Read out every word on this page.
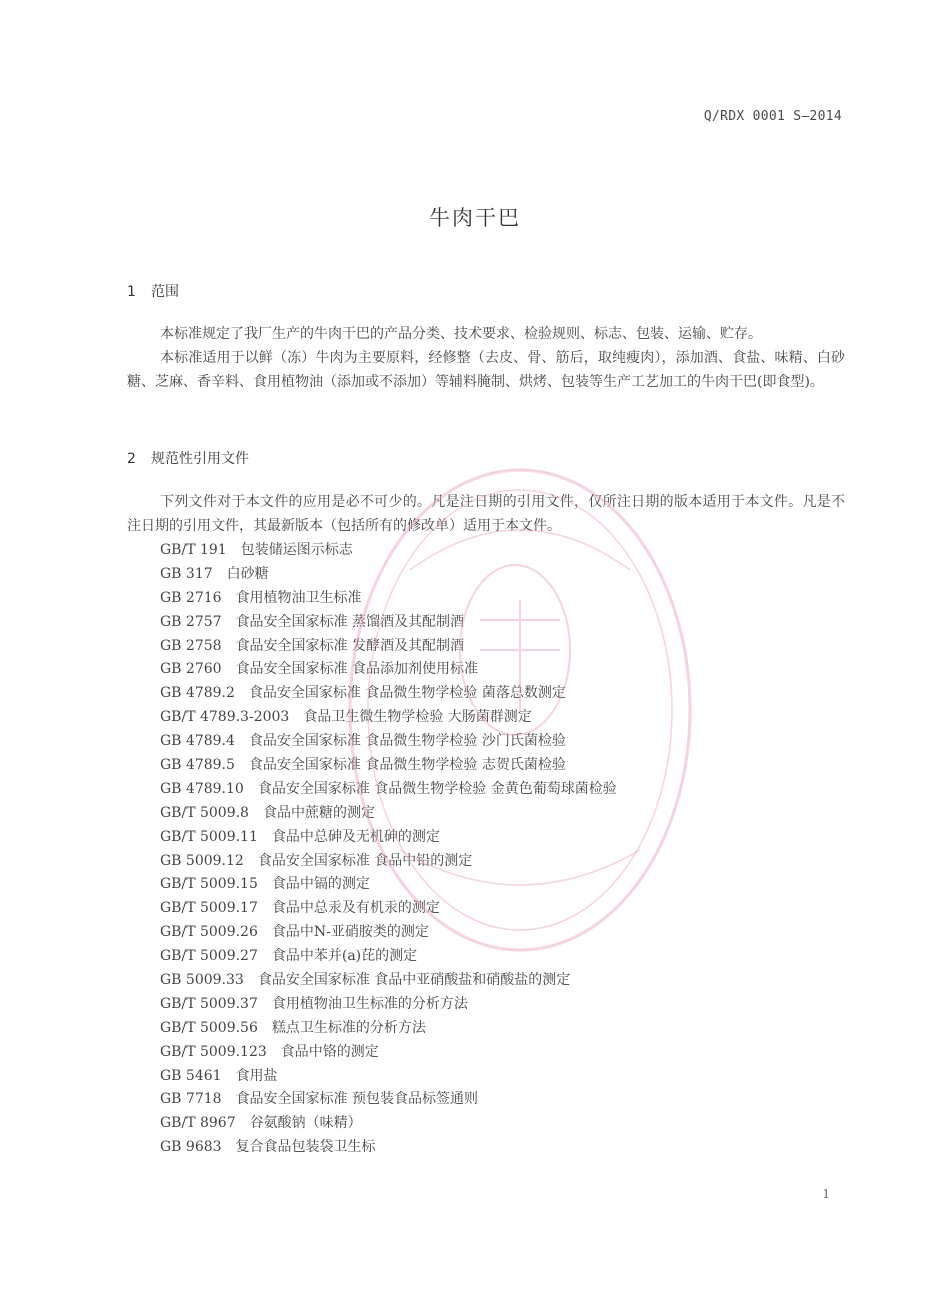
Q/RDX 0001 S—2014
牛肉干巴
1 范围

本标准规定了我厂生产的牛肉干巴的产品分类、技术要求、检验规则、标志、包装、运输、贮存。

本标准适用于以鲜（冻）牛肉为主要原料，经修整（去皮、骨、筋后，取纯瘦肉），添加酒、食盐、味精、白砂糖、芝麻、香辛料、食用植物油（添加或不添加）等辅料腌制、烘烤、包装等生产工艺加工的牛肉干巴(即食型)。

2 规范性引用文件

下列文件对于本文件的应用是必不可少的。凡是注日期的引用文件，仅所注日期的版本适用于本文件。凡是不注日期的引用文件，其最新版本（包括所有的修改单）适用于本文件。

GB/T 191 包装储运图示标志
GB 317 白砂糖
GB 2716 食用植物油卫生标准
GB 2757 食品安全国家标准 蒸馏酒及其配制酒
GB 2758 食品安全国家标准 发酵酒及其配制酒
GB 2760 食品安全国家标准 食品添加剂使用标准
GB 4789.2 食品安全国家标准 食品微生物学检验 菌落总数测定
GB/T 4789.3-2003 食品卫生微生物学检验 大肠菌群测定
GB 4789.4 食品安全国家标准 食品微生物学检验 沙门氏菌检验
GB 4789.5 食品安全国家标准 食品微生物学检验 志贺氏菌检验
GB 4789.10 食品安全国家标准 食品微生物学检验 金黄色葡萄球菌检验
GB/T 5009.8 食品中蔗糖的测定
GB/T 5009.11 食品中总砷及无机砷的测定
GB 5009.12 食品安全国家标准 食品中铅的测定
GB/T 5009.15 食品中镉的测定
GB/T 5009.17 食品中总汞及有机汞的测定
GB/T 5009.26 食品中N-亚硝胺类的测定
GB/T 5009.27 食品中苯并(a)芘的测定
GB 5009.33 食品安全国家标准 食品中亚硝酸盐和硝酸盐的测定
GB/T 5009.37 食用植物油卫生标准的分析方法
GB/T 5009.56 糕点卫生标准的分析方法
GB/T 5009.123 食品中铬的测定
GB 5461 食用盐
GB 7718 食品安全国家标准 预包装食品标签通则
GB/T 8967 谷氨酸钠（味精）
GB 9683 复合食品包装袋卫生标
1
